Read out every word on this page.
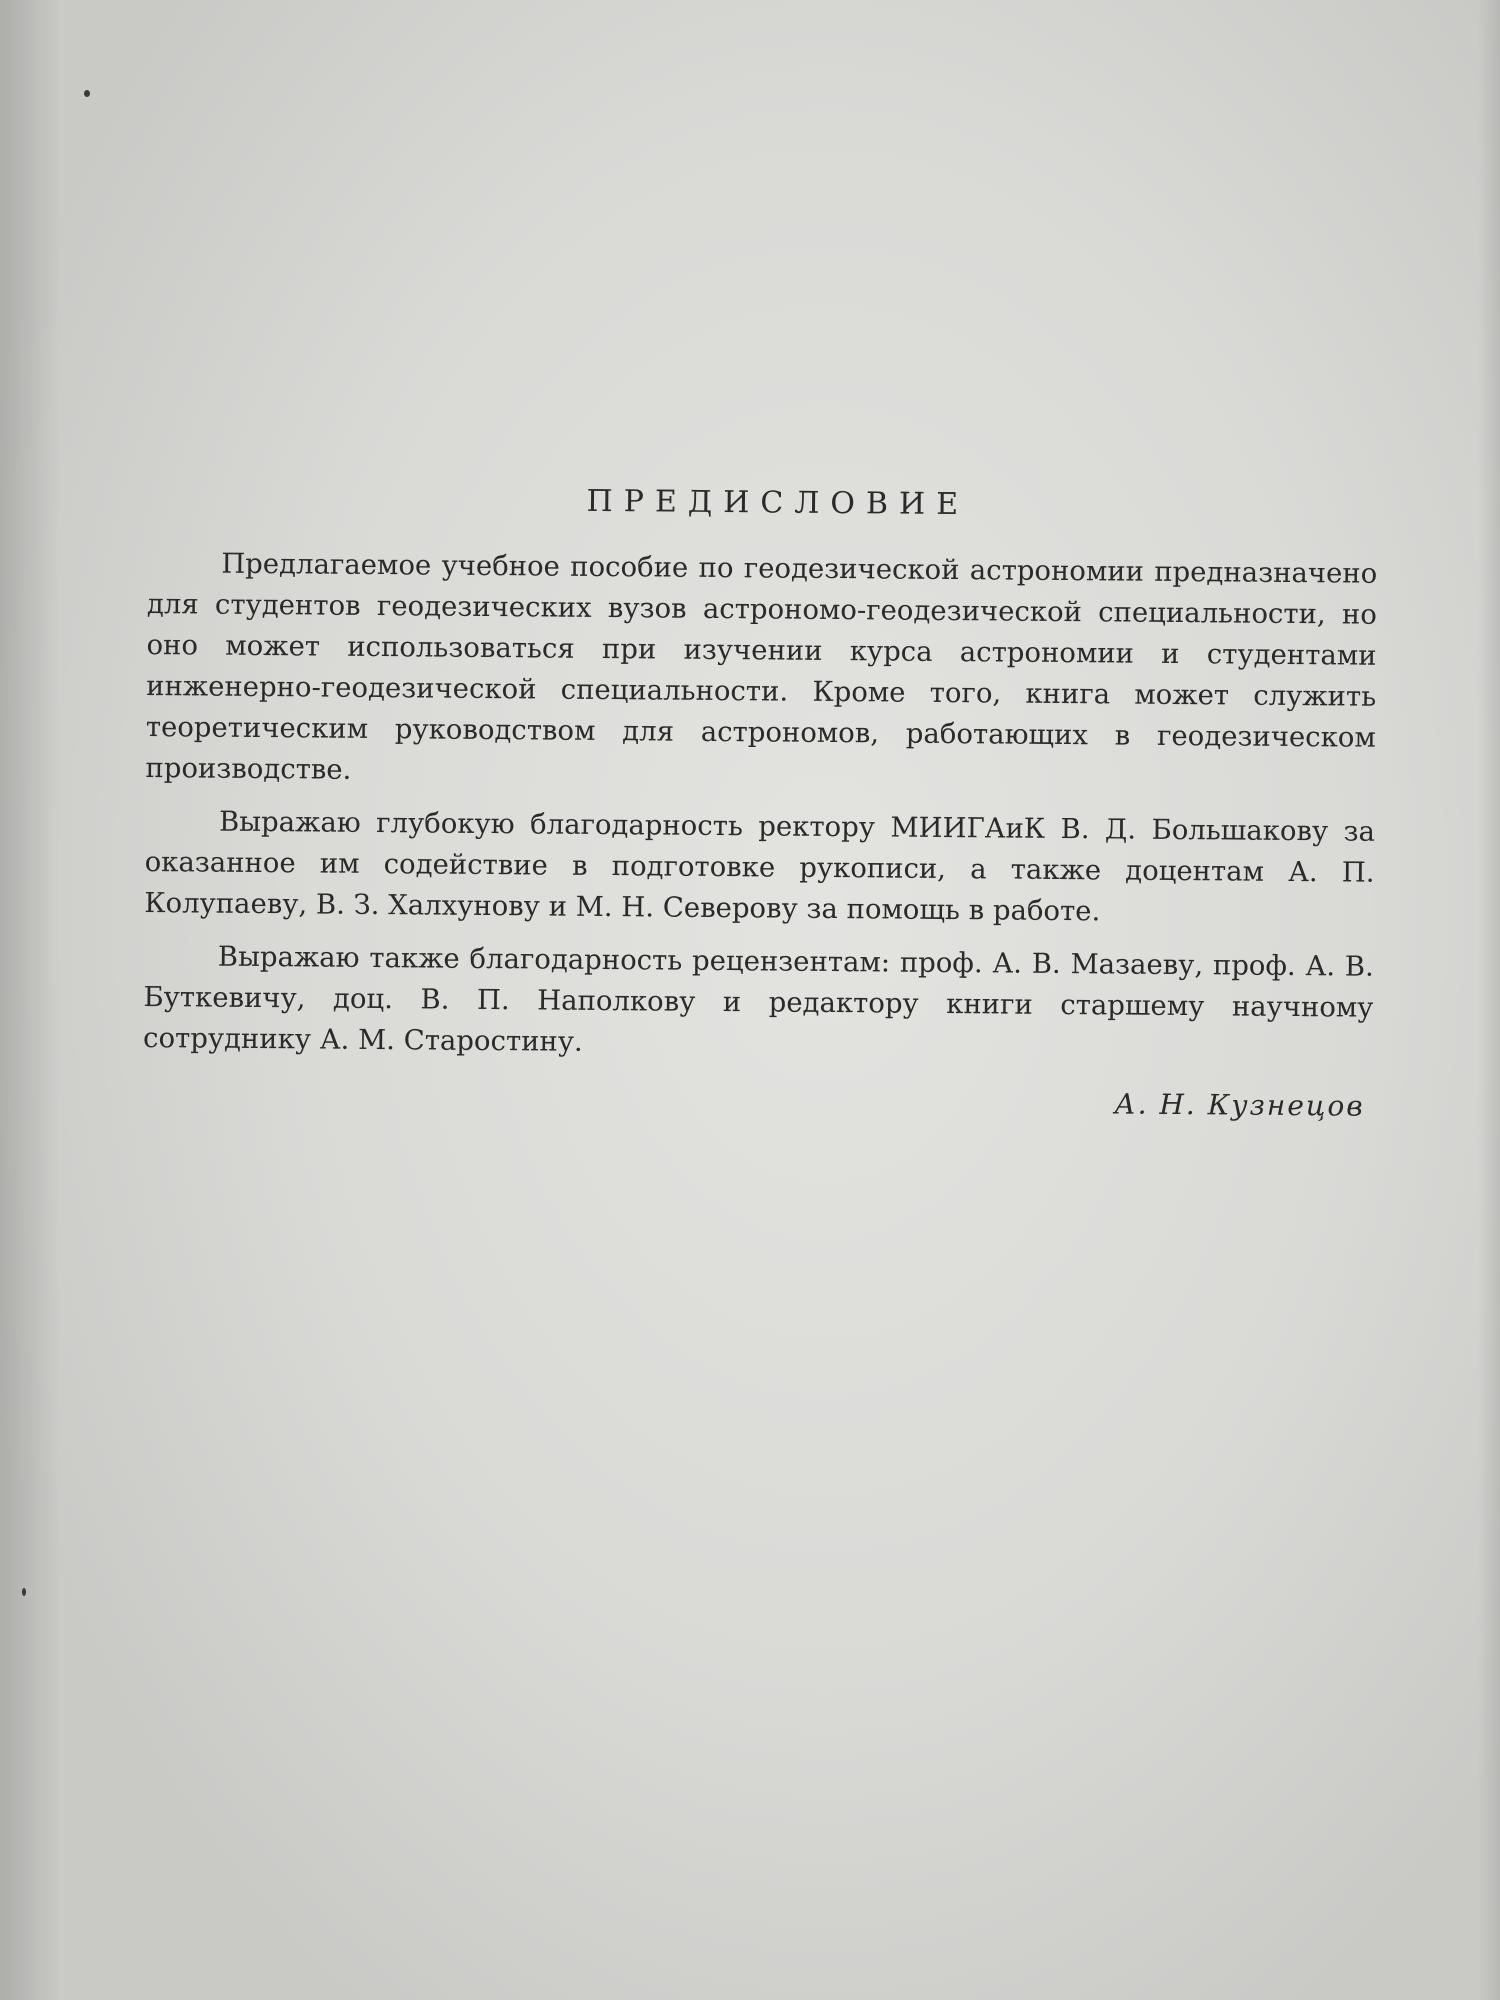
ПРЕДИСЛОВИЕ

Предлагаемое учебное пособие по геодезической астрономии предназначено для студентов геодезических вузов астрономо-геодезической специальности, но оно может использоваться при изучении курса астрономии и студентами инженерно-геодезической специальности. Кроме того, книга может служить теоретическим руководством для астрономов, работающих в геодезическом производстве.

Выражаю глубокую благодарность ректору МИИГАиК В. Д. Большакову за оказанное им содействие в подготовке рукописи, а также доцентам А. П. Колупаеву, В. З. Халхунову и М. Н. Северову за помощь в работе.

Выражаю также благодарность рецензентам: проф. А. В. Мазаеву, проф. А. В. Буткевичу, доц. В. П. Наполкову и редактору книги старшему научному сотруднику А. М. Старостину.

А. Н. Кузнецов
